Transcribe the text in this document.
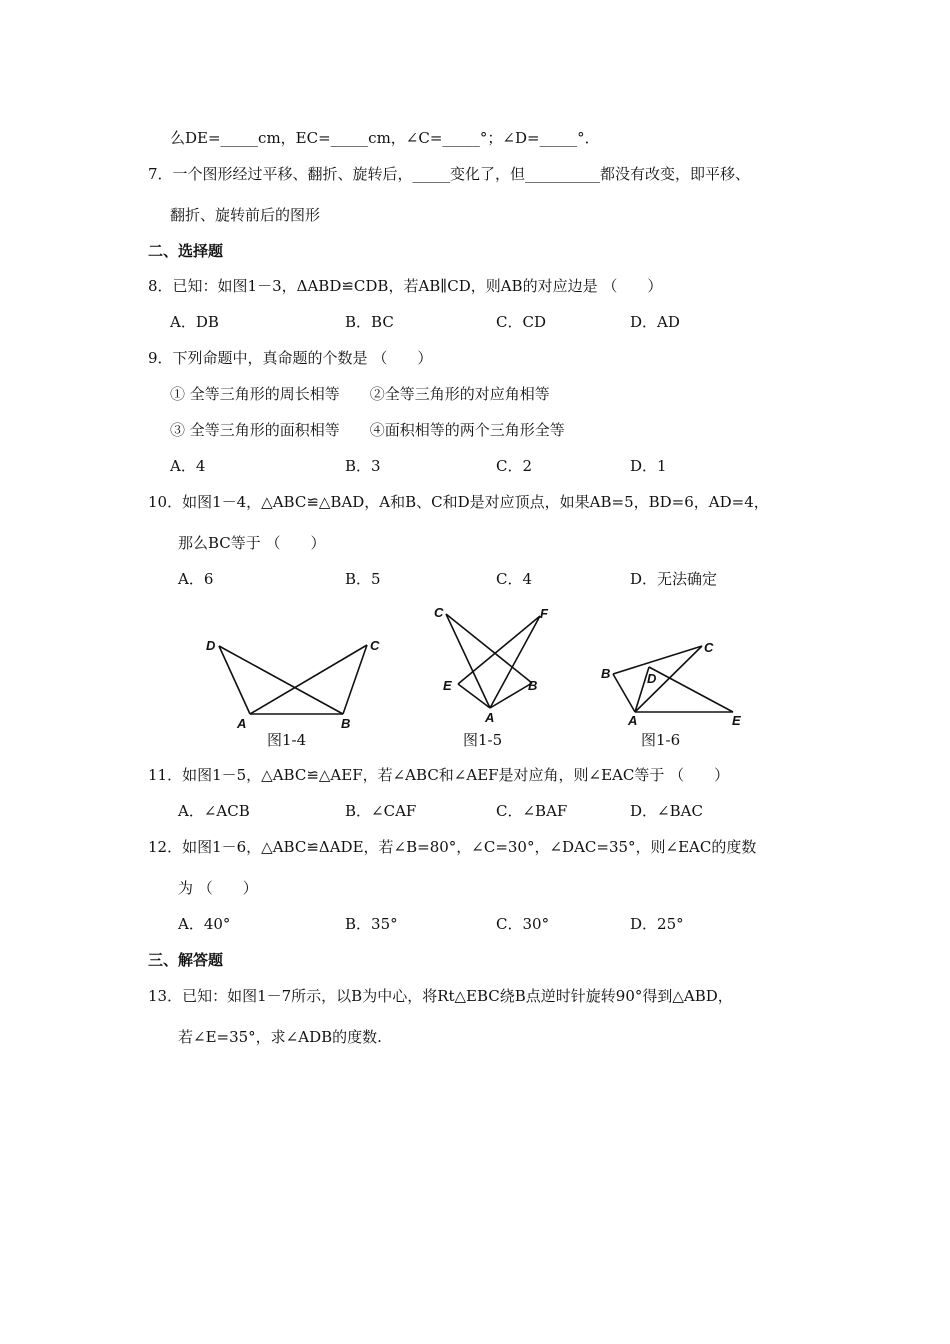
么DE=_____cm，EC=_____cm，∠C=_____°；∠D=_____°．
7．一个图形经过平移、翻折、旋转后，_____变化了，但__________都没有改变，即平移、
翻折、旋转前后的图形
二、选择题
8．已知：如图1－3，ΔABD≌CDB，若AB∥CD，则AB的对应边是 （　　）
A．DB	B．BC	C．CD	D．AD
9．下列命题中，真命题的个数是 （　　）
① 全等三角形的周长相等　　②全等三角形的对应角相等
③ 全等三角形的面积相等　　④面积相等的两个三角形全等
A．4	B．3	C．2	D．1
10．如图1－4，△ABC≌△BAD，A和B、C和D是对应顶点，如果AB=5，BD=6，AD=4，
那么BC等于 （　　）
A．6	B．5	C．4	D．无法确定
D	C
A	B
图1-4
C	F
E	B
A
图1-5
B
C
D
A	E
图1-6
11．如图1－5，△ABC≌△AEF，若∠ABC和∠AEF是对应角，则∠EAC等于 （　　）
A．∠ACB	B．∠CAF	C．∠BAF	D．∠BAC
12．如图1－6，△ABC≌ΔADE，若∠B=80°，∠C=30°，∠DAC=35°，则∠EAC的度数
为 （　　）
A．40°	B．35°	C．30°	D．25°
三、解答题
13．已知：如图1－7所示，以B为中心，将Rt△EBC绕B点逆时针旋转90°得到△ABD，
若∠E=35°，求∠ADB的度数.
